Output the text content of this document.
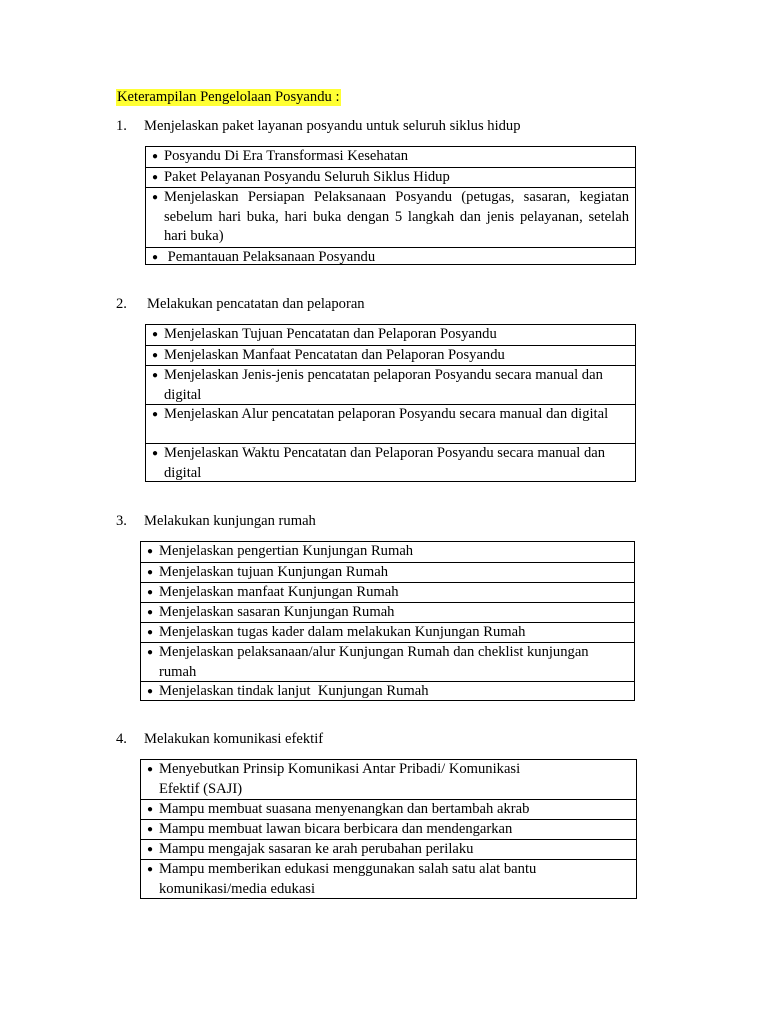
Keterampilan Pengelolaan Posyandu :
1. Menjelaskan paket layanan posyandu untuk seluruh siklus hidup
● Posyandu Di Era Transformasi Kesehatan
● Paket Pelayanan Posyandu Seluruh Siklus Hidup
● Menjelaskan Persiapan Pelaksanaan Posyandu (petugas, sasaran, kegiatan sebelum hari buka, hari buka dengan 5 langkah dan jenis pelayanan, setelah hari buka)
● Pemantauan Pelaksanaan Posyandu
2. Melakukan pencatatan dan pelaporan
● Menjelaskan Tujuan Pencatatan dan Pelaporan Posyandu
● Menjelaskan Manfaat Pencatatan dan Pelaporan Posyandu
● Menjelaskan Jenis-jenis pencatatan pelaporan Posyandu secara manual dan digital
● Menjelaskan Alur pencatatan pelaporan Posyandu secara manual dan digital
● Menjelaskan Waktu Pencatatan dan Pelaporan Posyandu secara manual dan digital
3. Melakukan kunjungan rumah
● Menjelaskan pengertian Kunjungan Rumah
● Menjelaskan tujuan Kunjungan Rumah
● Menjelaskan manfaat Kunjungan Rumah
● Menjelaskan sasaran Kunjungan Rumah
● Menjelaskan tugas kader dalam melakukan Kunjungan Rumah
● Menjelaskan pelaksanaan/alur Kunjungan Rumah dan cheklist kunjungan rumah
● Menjelaskan tindak lanjut  Kunjungan Rumah
4. Melakukan komunikasi efektif
● Menyebutkan Prinsip Komunikasi Antar Pribadi/ Komunikasi Efektif (SAJI)
● Mampu membuat suasana menyenangkan dan bertambah akrab
● Mampu membuat lawan bicara berbicara dan mendengarkan
● Mampu mengajak sasaran ke arah perubahan perilaku
● Mampu memberikan edukasi menggunakan salah satu alat bantu komunikasi/media edukasi
